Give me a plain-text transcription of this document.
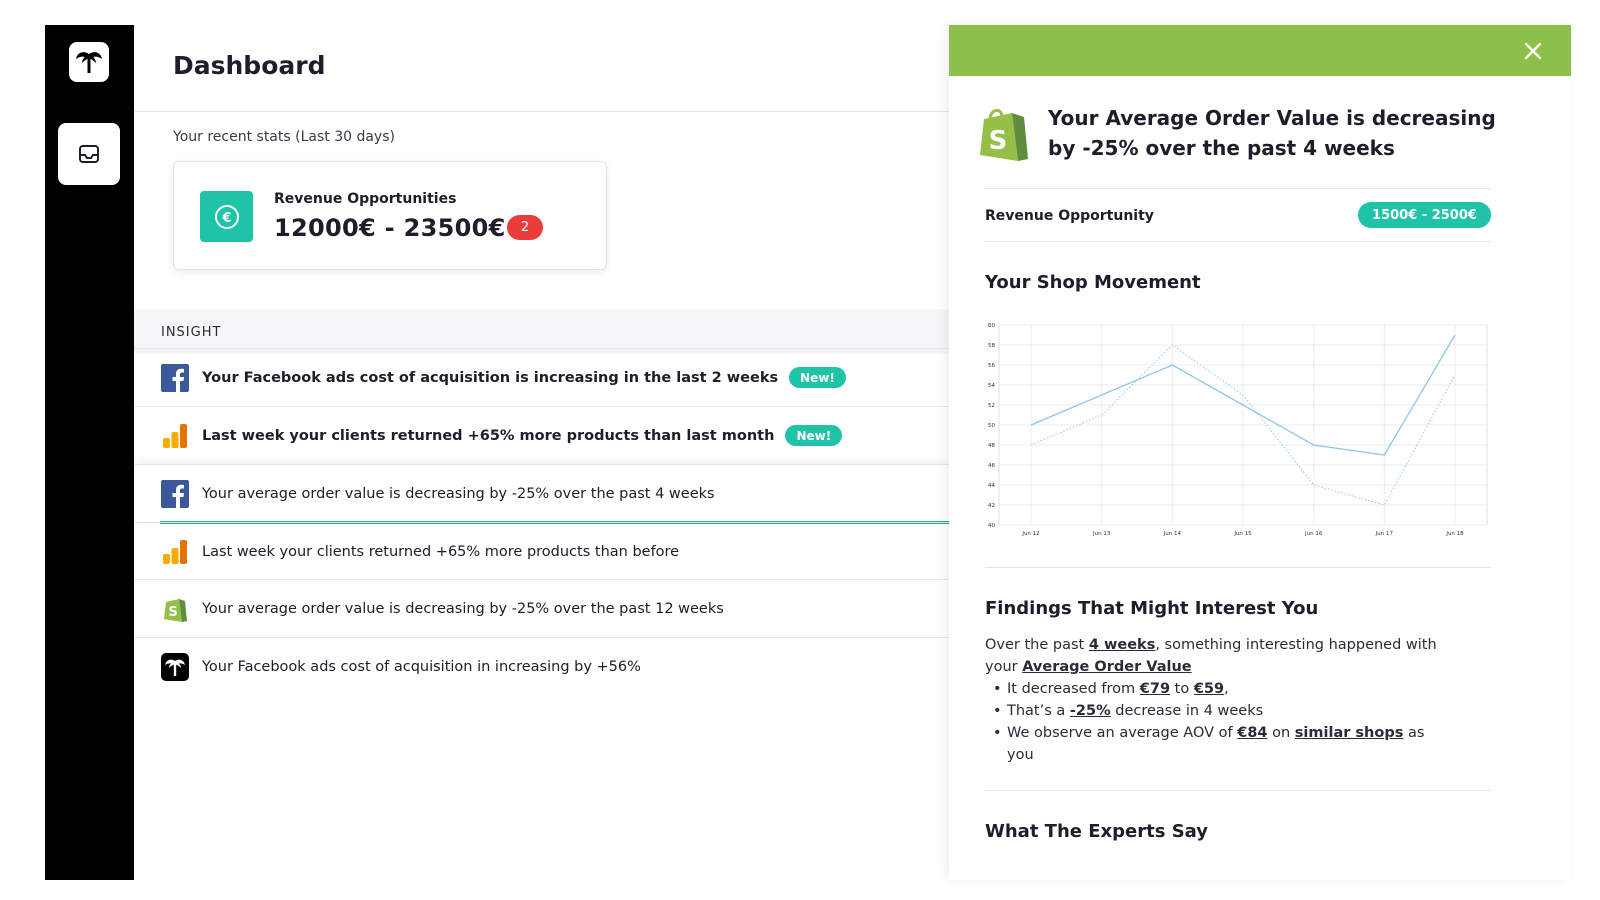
Dashboard
Your recent stats (Last 30 days)
€
Revenue Opportunities
12000€ - 23500€	2
INSIGHT
Your Facebook ads cost of acquisition is increasing in the last 2 weeks	New!
Last week your clients returned +65% more products than last month	New!
Your average order value is decreasing by -25% over the past 4 weeks
Last week your clients returned +65% more products than before
S Your average order value is decreasing by -25% over the past 12 weeks
Your Facebook ads cost of acquisition in increasing by +56%
S
Your Average Order Value is decreasing by -25% over the past 4 weeks
Revenue Opportunity	1500€ - 2500€
Your Shop Movement
40
42
44
46
48
50
52
54
56
58
60
Jun 12	Jun 13	Jun 14	Jun 15	Jun 16	Jun 17	Jun 18
Findings That Might Interest You
Over the past 4 weeks, something interesting happened with your Average Order Value
• It decreased from €79 to €59,
• That’s a -25% decrease in 4 weeks
• We observe an average AOV of €84 on similar shops as you
What The Experts Say
